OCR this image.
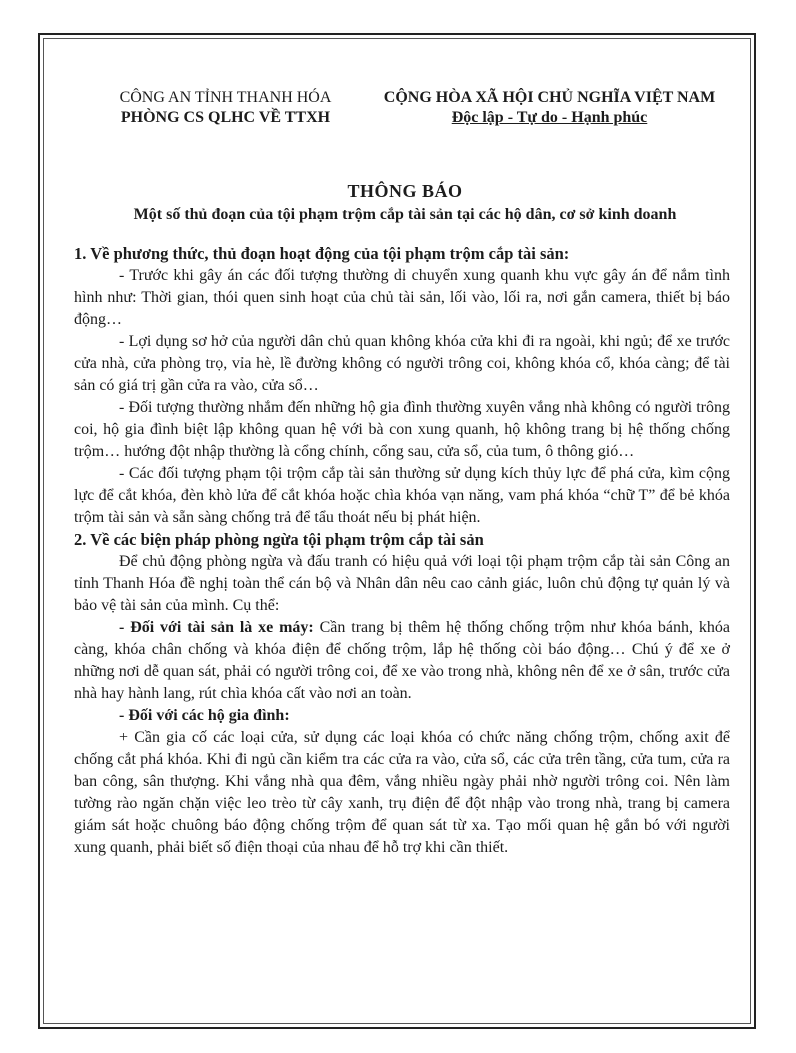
CÔNG AN TỈNH THANH HÓA
PHÒNG CS QLHC VỀ TTXH
CỘNG HÒA XÃ HỘI CHỦ NGHĨA VIỆT NAM
Độc lập - Tự do - Hạnh phúc
THÔNG BÁO
Một số thủ đoạn của tội phạm trộm cắp tài sản tại các hộ dân, cơ sở kinh doanh

1. Về phương thức, thủ đoạn hoạt động của tội phạm trộm cắp tài sản:

- Trước khi gây án các đối tượng thường di chuyển xung quanh khu vực gây án để nắm tình hình như: Thời gian, thói quen sinh hoạt của chủ tài sản, lối vào, lối ra, nơi gắn camera, thiết bị báo động…

- Lợi dụng sơ hở của người dân chủ quan không khóa cửa khi đi ra ngoài, khi ngủ; để xe trước cửa nhà, cửa phòng trọ, vỉa hè, lề đường không có người trông coi, không khóa cổ, khóa càng; để tài sản có giá trị gần cửa ra vào, cửa sổ…

- Đối tượng thường nhắm đến những hộ gia đình thường xuyên vắng nhà không có người trông coi, hộ gia đình biệt lập không quan hệ với bà con xung quanh, hộ không trang bị hệ thống chống trộm… hướng đột nhập thường là cổng chính, cổng sau, cửa sổ, của tum, ô thông gió…

- Các đối tượng phạm tội trộm cắp tài sản thường sử dụng kích thủy lực để phá cửa, kìm cộng lực để cắt khóa, đèn khò lửa để cắt khóa hoặc chìa khóa vạn năng, vam phá khóa “chữ T” để bẻ khóa trộm tài sản và sẵn sàng chống trả để tẩu thoát nếu bị phát hiện.

2. Về các biện pháp phòng ngừa tội phạm trộm cắp tài sản

Để chủ động phòng ngừa và đấu tranh có hiệu quả với loại tội phạm trộm cắp tài sản Công an tỉnh Thanh Hóa đề nghị toàn thể cán bộ và Nhân dân nêu cao cảnh giác, luôn chủ động tự quản lý và bảo vệ tài sản của mình. Cụ thể:

- Đối với tài sản là xe máy: Cần trang bị thêm hệ thống chống trộm như khóa bánh, khóa càng, khóa chân chống và khóa điện để chống trộm, lắp hệ thống còi báo động… Chú ý để xe ở những nơi dễ quan sát, phải có người trông coi, để xe vào trong nhà, không nên để xe ở sân, trước cửa nhà hay hành lang, rút chìa khóa cất vào nơi an toàn.

- Đối với các hộ gia đình:

+ Cần gia cố các loại cửa, sử dụng các loại khóa có chức năng chống trộm, chống axit để chống cắt phá khóa. Khi đi ngủ cần kiểm tra các cửa ra vào, cửa sổ, các cửa trên tầng, cửa tum, cửa ra ban công, sân thượng. Khi vắng nhà qua đêm, vắng nhiều ngày phải nhờ người trông coi. Nên làm tường rào ngăn chặn việc leo trèo từ cây xanh, trụ điện để đột nhập vào trong nhà, trang bị camera giám sát hoặc chuông báo động chống trộm để quan sát từ xa. Tạo mối quan hệ gắn bó với người xung quanh, phải biết số điện thoại của nhau để hỗ trợ khi cần thiết.
